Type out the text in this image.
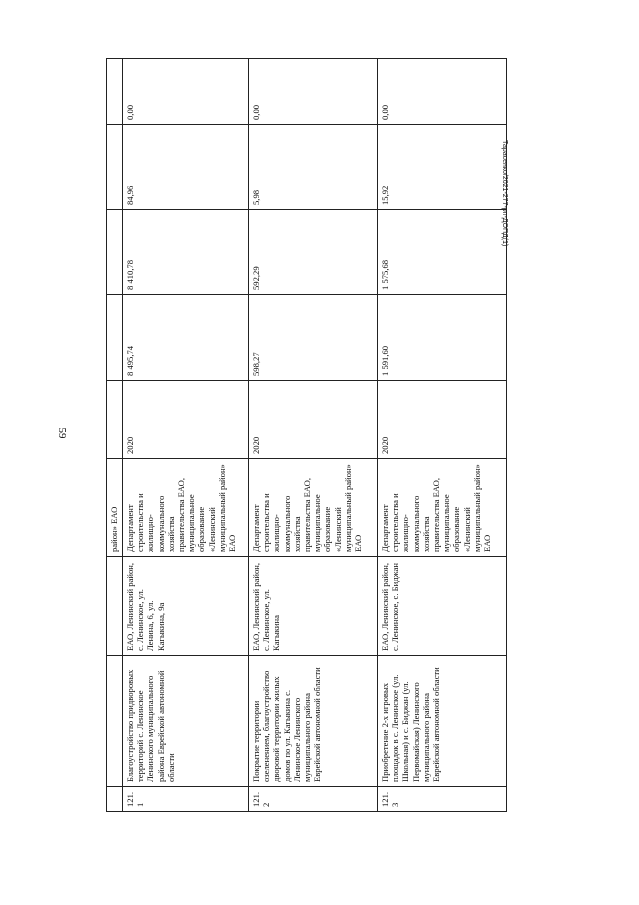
59
Тарасенко/2021-277-рп-ДОПД(1)
			район» ЕАО					
121.1	Благоустройство придворовых территорий с. Ленинское Ленинского муниципального района Еврейской автономной области	ЕАО, Ленинский район, с. Ленинское, ул. Ленина, 6, ул. Кагыкина, 9а	Департамент строительства и жилищно-коммунального хозяйства правительства ЕАО, муниципальное образование «Ленинский муниципальный район» ЕАО	2020	8 495,74	8 410,78	84,96	0,00
121.2	Покрытие территории озеленением, благоустройство дворовой территории жилых домов по ул. Кагыкина с. Ленинское Ленинского муниципального района Еврейской автономной области	ЕАО, Ленинский район, с. Ленинское, ул. Кагыкина	Департамент строительства и жилищно-коммунального хозяйства правительства ЕАО, муниципальное образование «Ленинский муниципальный район» ЕАО	2020	598,27	592,29	5,98	0,00
121.3	Приобретение 2-х игровых площадок в с. Ленинское (ул. Школьная) и с. Биджан (ул. Первомайская) Ленинского муниципального района Еврейской автономной области	ЕАО, Ленинский район, с. Ленинское, с. Биджан	Департамент строительства и жилищно-коммунального хозяйства правительства ЕАО, муниципальное образование «Ленинский муниципальный район» ЕАО	2020	1 591,60	1 575,68	15,92	0,00
